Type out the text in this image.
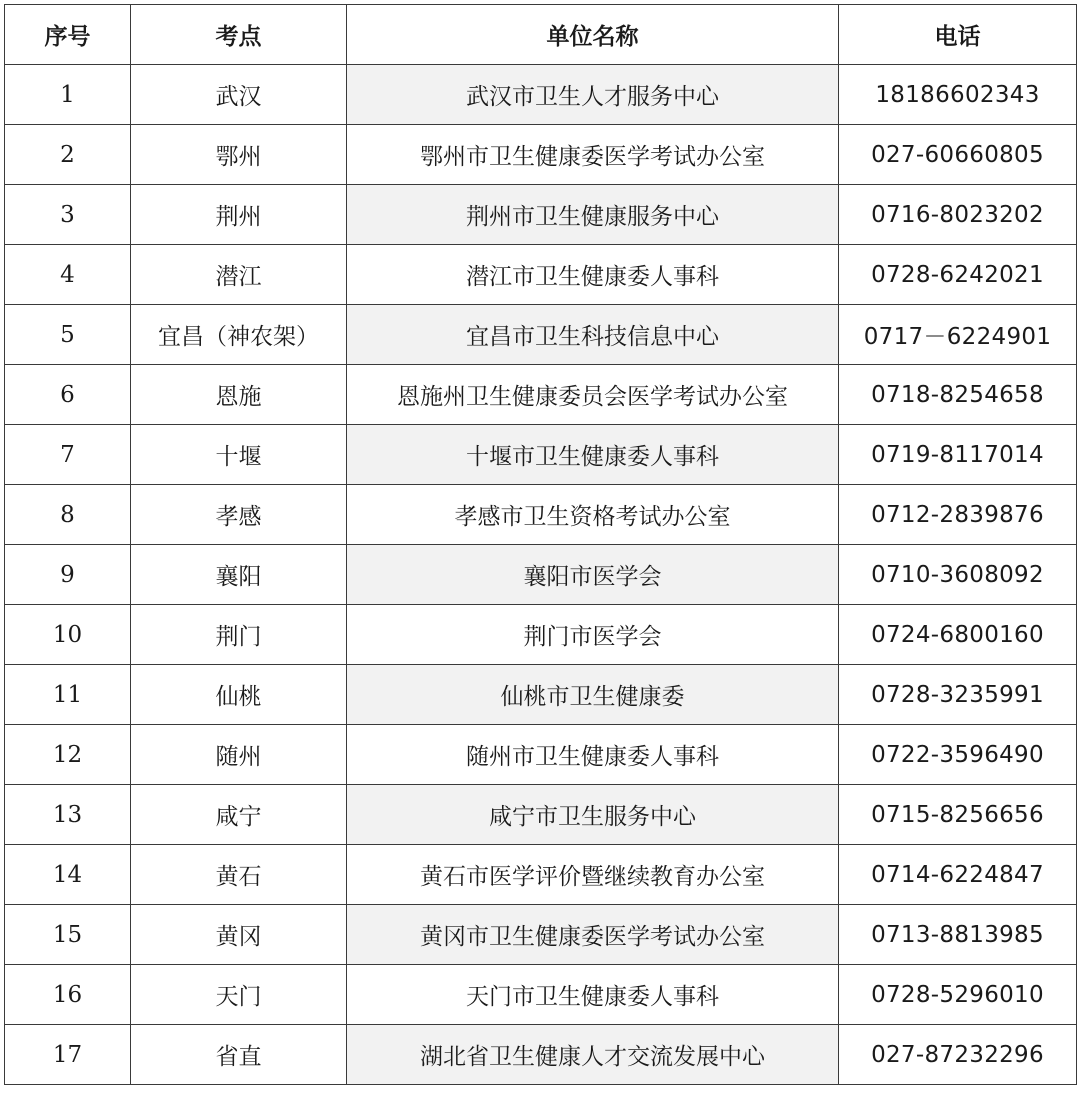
序号	考点	单位名称	电话
1	武汉	武汉市卫生人才服务中心	18186602343
2	鄂州	鄂州市卫生健康委医学考试办公室	027-60660805
3	荆州	荆州市卫生健康服务中心	0716-8023202
4	潜江	潜江市卫生健康委人事科	0728-6242021
5	宜昌（神农架）	宜昌市卫生科技信息中心	0717－6224901
6	恩施	恩施州卫生健康委员会医学考试办公室	0718-8254658
7	十堰	十堰市卫生健康委人事科	0719-8117014
8	孝感	孝感市卫生资格考试办公室	0712-2839876
9	襄阳	襄阳市医学会	0710-3608092
10	荆门	荆门市医学会	0724-6800160
11	仙桃	仙桃市卫生健康委	0728-3235991
12	随州	随州市卫生健康委人事科	0722-3596490
13	咸宁	咸宁市卫生服务中心	0715-8256656
14	黄石	黄石市医学评价暨继续教育办公室	0714-6224847
15	黄冈	黄冈市卫生健康委医学考试办公室	0713-8813985
16	天门	天门市卫生健康委人事科	0728-5296010
17	省直	湖北省卫生健康人才交流发展中心	027-87232296
